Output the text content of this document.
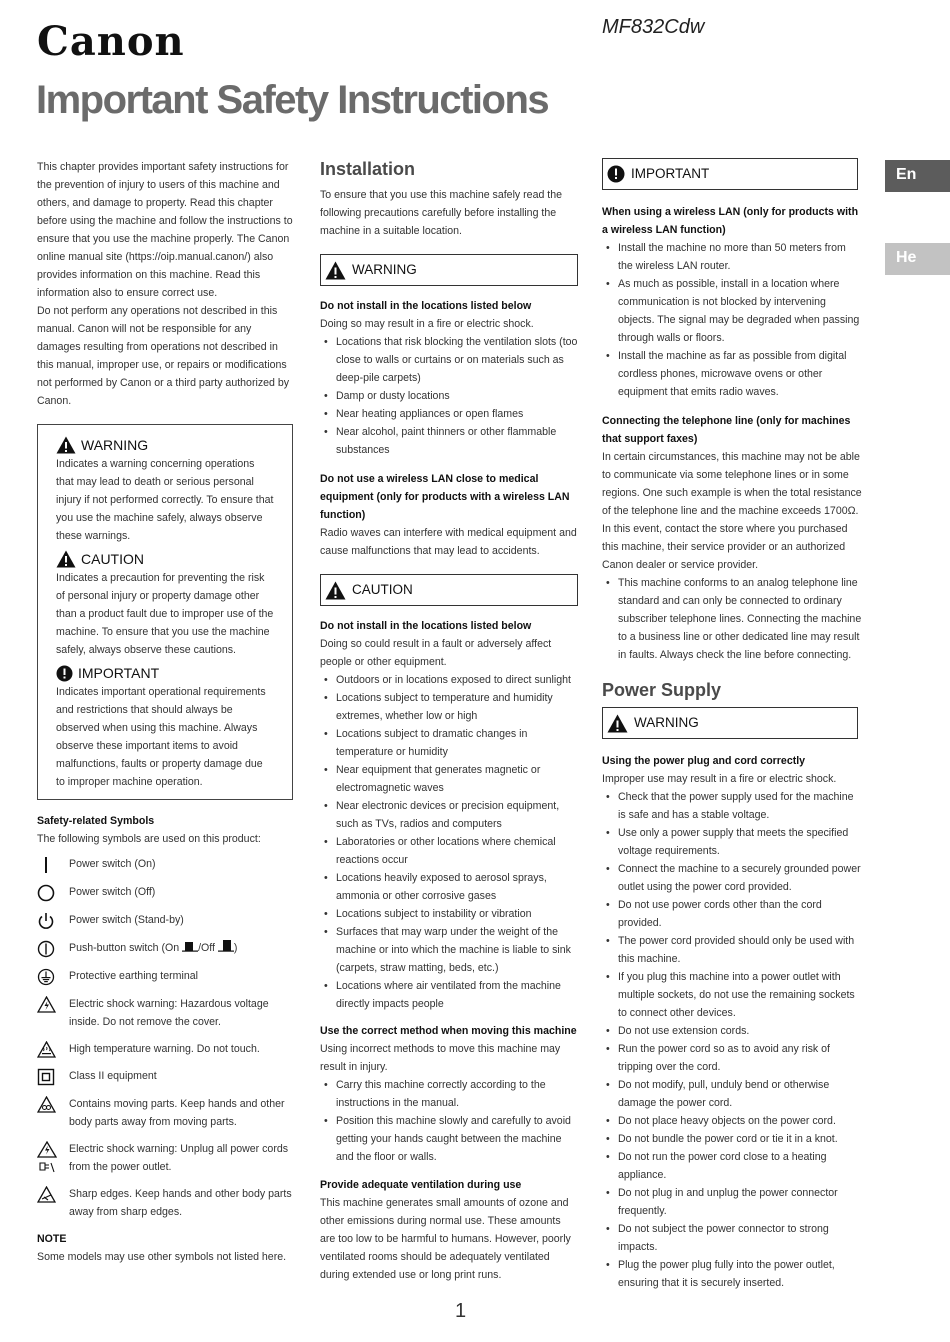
Canon	MF832Cdw
Important Safety Instructions
En
He

This chapter provides important safety instructions for the prevention of injury to users of this machine and others, and damage to property. Read this chapter before using the machine and follow the instructions to ensure that you use the machine properly. The Canon online manual site (https://oip.manual.canon/) also provides information on this machine. Read this information also to ensure correct use.

Do not perform any operations not described in this manual. Canon will not be responsible for any damages resulting from operations not described in this manual, improper use, or repairs or modifications not performed by Canon or a third party authorized by Canon.

WARNING

Indicates a warning concerning operations that may lead to death or serious personal injury if not performed correctly. To ensure that you use the machine safely, always observe these warnings.

CAUTION

Indicates a precaution for preventing the risk of personal injury or property damage other than a product fault due to improper use of the machine. To ensure that you use the machine safely, always observe these cautions.

IMPORTANT

Indicates important operational requirements and restrictions that should always be observed when using this machine. Always observe these important items to avoid malfunctions, faults or property damage due to improper machine operation.

Safety-related Symbols

The following symbols are used on this product:

Power switch (On)
Power switch (Off)
Power switch (Stand-by)
Push-button switch (On /Off )
Protective earthing terminal
Electric shock warning: Hazardous voltage inside. Do not remove the cover.
High temperature warning. Do not touch.
Class II equipment
Contains moving parts. Keep hands and other body parts away from moving parts.
Electric shock warning: Unplug all power cords from the power outlet.
Sharp edges. Keep hands and other body parts away from sharp edges.

NOTE

Some models may use other symbols not listed here.

Installation

To ensure that you use this machine safely read the following precautions carefully before installing the machine in a suitable location.

WARNING

Do not install in the locations listed below

Doing so may result in a fire or electric shock.

• Locations that risk blocking the ventilation slots (too close to walls or curtains or on materials such as deep-pile carpets)
• Damp or dusty locations
• Near heating appliances or open flames
• Near alcohol, paint thinners or other flammable substances

Do not use a wireless LAN close to medical equipment (only for products with a wireless LAN function)

Radio waves can interfere with medical equipment and cause malfunctions that may lead to accidents.

CAUTION

Do not install in the locations listed below

Doing so could result in a fault or adversely affect people or other equipment.

• Outdoors or in locations exposed to direct sunlight
• Locations subject to temperature and humidity extremes, whether low or high
• Locations subject to dramatic changes in temperature or humidity
• Near equipment that generates magnetic or electromagnetic waves
• Near electronic devices or precision equipment, such as TVs, radios and computers
• Laboratories or other locations where chemical reactions occur
• Locations heavily exposed to aerosol sprays, ammonia or other corrosive gases
• Locations subject to instability or vibration
• Surfaces that may warp under the weight of the machine or into which the machine is liable to sink (carpets, straw matting, beds, etc.)
• Locations where air ventilated from the machine directly impacts people

Use the correct method when moving this machine

Using incorrect methods to move this machine may result in injury.

• Carry this machine correctly according to the instructions in the manual.
• Position this machine slowly and carefully to avoid getting your hands caught between the machine and the floor or walls.

Provide adequate ventilation during use

This machine generates small amounts of ozone and other emissions during normal use. These amounts are too low to be harmful to humans. However, poorly ventilated rooms should be adequately ventilated during extended use or long print runs.

IMPORTANT

When using a wireless LAN (only for products with a wireless LAN function)

• Install the machine no more than 50 meters from the wireless LAN router.
• As much as possible, install in a location where communication is not blocked by intervening objects. The signal may be degraded when passing through walls or floors.
• Install the machine as far as possible from digital cordless phones, microwave ovens or other equipment that emits radio waves.

Connecting the telephone line (only for machines that support faxes)

In certain circumstances, this machine may not be able to communicate via some telephone lines or in some regions. One such example is when the total resistance of the telephone line and the machine exceeds 1700Ω.

In this event, contact the store where you purchased this machine, their service provider or an authorized Canon dealer or service provider.

• This machine conforms to an analog telephone line standard and can only be connected to ordinary subscriber telephone lines. Connecting the machine to a business line or other dedicated line may result in faults. Always check the line before connecting.
Power Supply
WARNING

Using the power plug and cord correctly

Improper use may result in a fire or electric shock.

• Check that the power supply used for the machine is safe and has a stable voltage.
• Use only a power supply that meets the specified voltage requirements.
• Connect the machine to a securely grounded power outlet using the power cord provided.
• Do not use power cords other than the cord provided.
• The power cord provided should only be used with this machine.
• If you plug this machine into a power outlet with multiple sockets, do not use the remaining sockets to connect other devices.
• Do not use extension cords.
• Run the power cord so as to avoid any risk of tripping over the cord.
• Do not modify, pull, unduly bend or otherwise damage the power cord.
• Do not place heavy objects on the power cord.
• Do not bundle the power cord or tie it in a knot.
• Do not run the power cord close to a heating appliance.
• Do not plug in and unplug the power connector frequently.
• Do not subject the power connector to strong impacts.
• Plug the power plug fully into the power outlet, ensuring that it is securely inserted.
1
